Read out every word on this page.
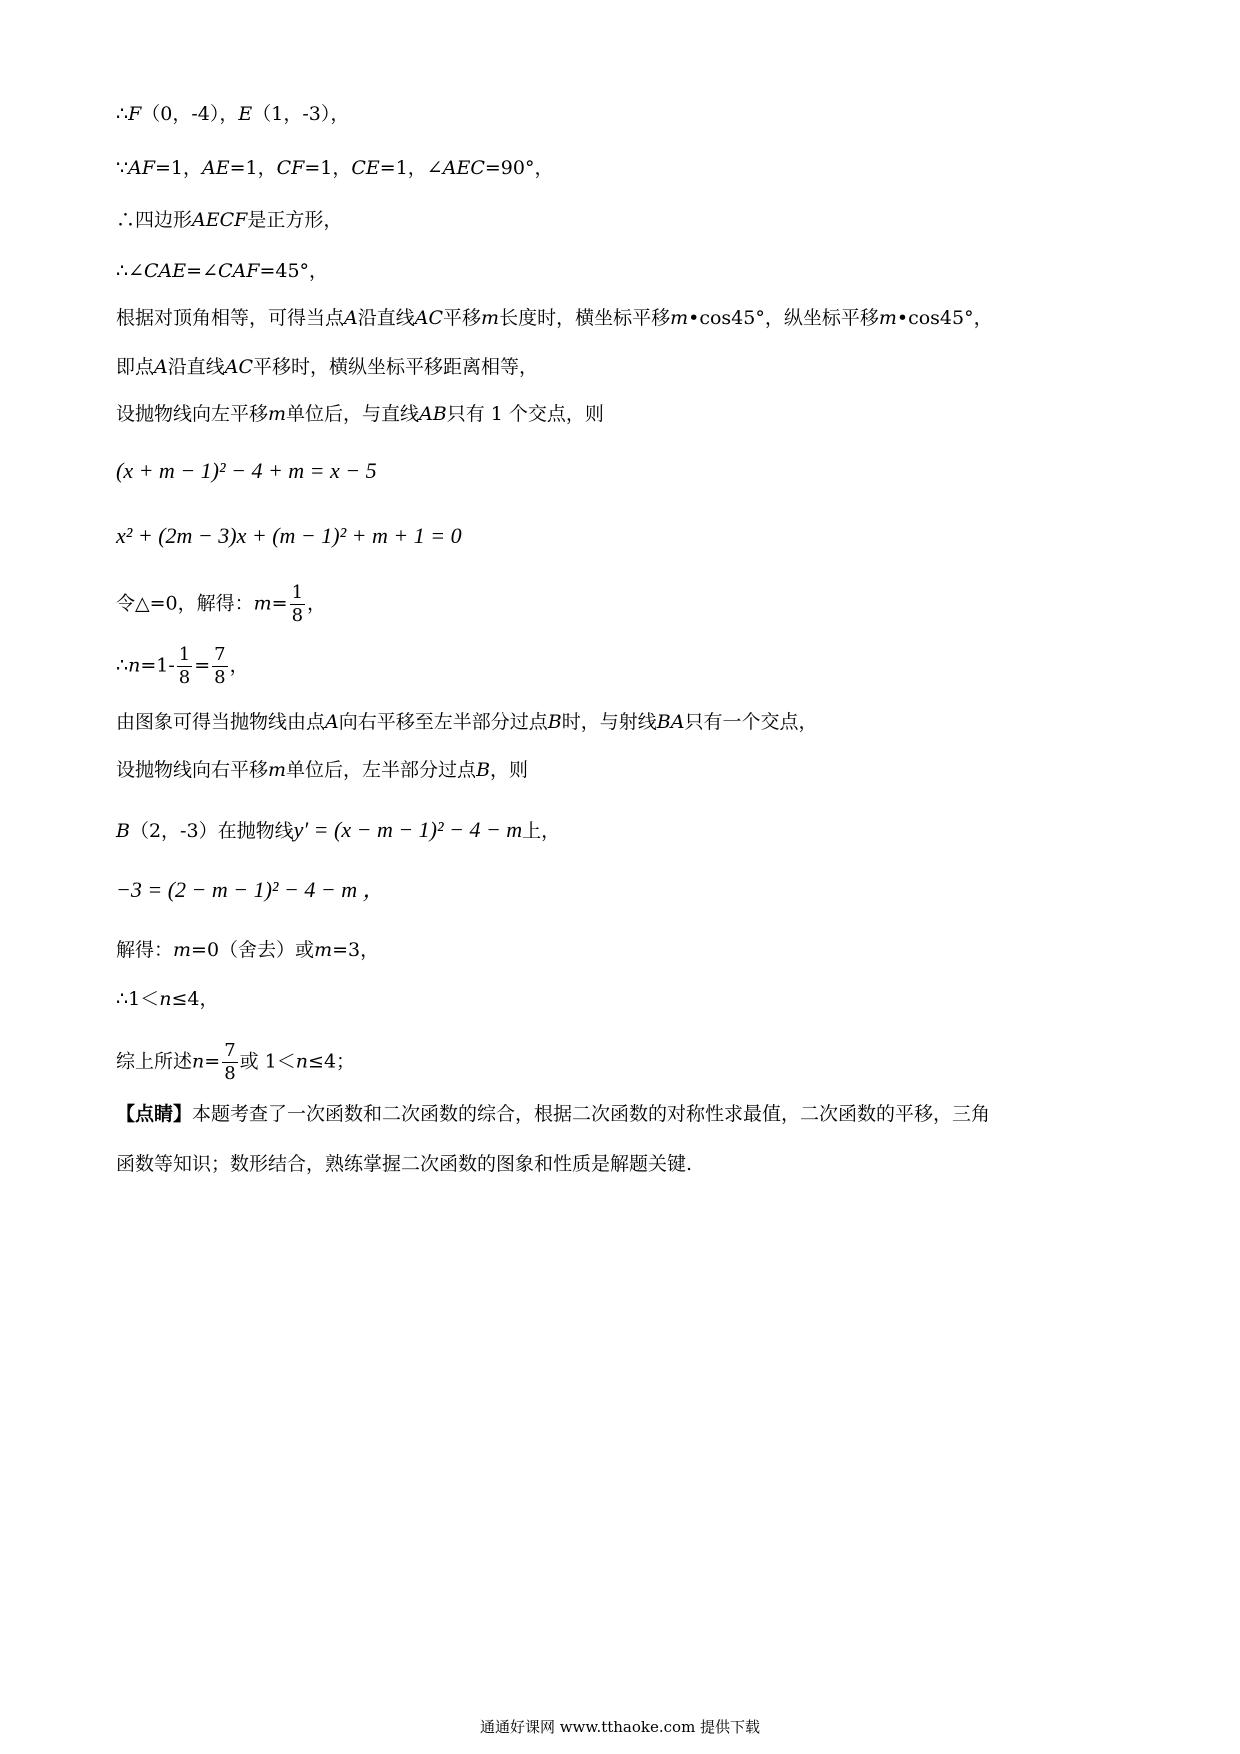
∴F（0，-4），E（1，-3），
∵AF=1，AE=1，CF=1，CE=1，∠AEC=90°，
∴四边形AECF是正方形，
∴∠CAE=∠CAF=45°，
根据对顶角相等，可得当点A沿直线AC平移m长度时，横坐标平移m•cos45°，纵坐标平移m•cos45°，
即点A沿直线AC平移时，横纵坐标平移距离相等，
设抛物线向左平移m单位后，与直线AB只有 1 个交点，则
(x + m − 1)² − 4 + m = x − 5
x² + (2m − 3)x + (m − 1)² + m + 1 = 0
令△=0，解得：$m= \frac{1}{8}$ ，
∴n=1- $\frac{1}{8} = \frac{7}{8}$ ，
由图象可得当抛物线由点A向右平移至左半部分过点B时，与射线BA只有一个交点，
设抛物线向右平移m单位后，左半部分过点B，则
B（2，-3）在抛物线y′ = (x − m − 1)² − 4 − m上，
−3 = (2 − m − 1)² − 4 − m ，
解得：m=0（舍去）或m=3，
∴1＜n≤4，
综上所述$n= \frac{7}{8}$ 或 1＜n≤4；
【点睛】本题考查了一次函数和二次函数的综合，根据二次函数的对称性求最值，二次函数的平移，三角
函数等知识；数形结合，熟练掌握二次函数的图象和性质是解题关键.
通通好课网 www.tthaoke.com 提供下载
